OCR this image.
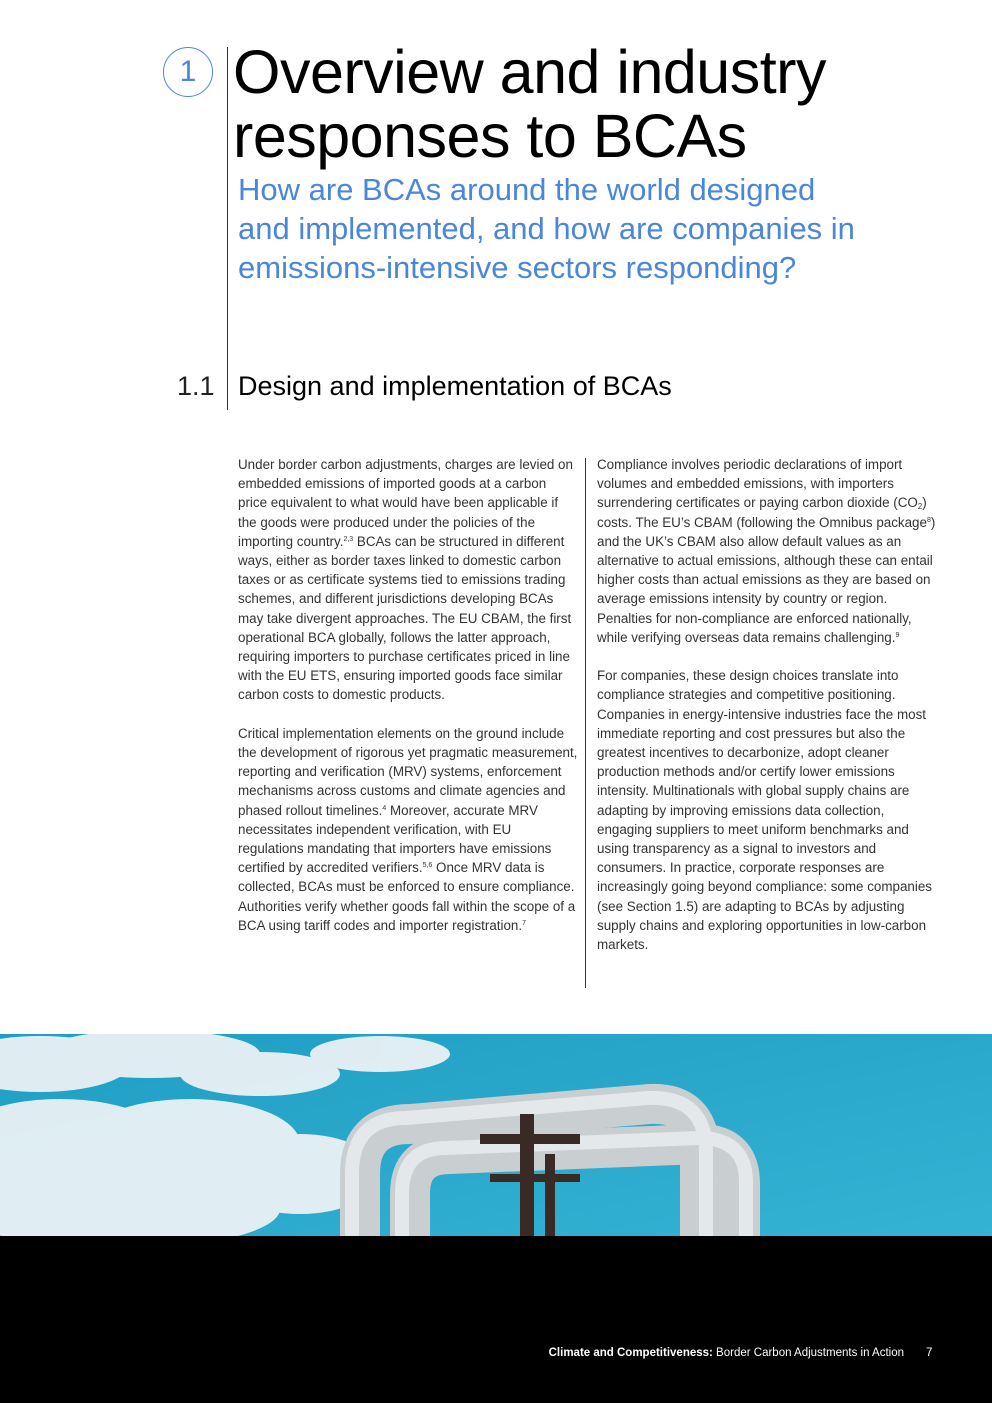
1 Overview and industry
responses to BCAs

How are BCAs around the world designed and implemented, and how are companies in emissions-intensive sectors responding?

1.1 Design and implementation of BCAs

Under border carbon adjustments, charges are levied on embedded emissions of imported goods at a carbon price equivalent to what would have been applicable if the goods were produced under the policies of the importing country.$^{2,3}$ BCAs can be structured in different ways, either as border taxes linked to domestic carbon taxes or as certificate systems tied to emissions trading schemes, and different jurisdictions developing BCAs may take divergent approaches. The EU CBAM, the first operational BCA globally, follows the latter approach, requiring importers to purchase certificates priced in line with the EU ETS, ensuring imported goods face similar carbon costs to domestic products.

Critical implementation elements on the ground include the development of rigorous yet pragmatic measurement, reporting and verification (MRV) systems, enforcement mechanisms across customs and climate agencies and phased rollout timelines.$^4$ Moreover, accurate MRV necessitates independent verification, with EU regulations mandating that importers have emissions certified by accredited verifiers.$^{5,6}$ Once MRV data is collected, BCAs must be enforced to ensure compliance. Authorities verify whether goods fall within the scope of a BCA using tariff codes and importer registration.$^7$

Compliance involves periodic declarations of import volumes and embedded emissions, with importers surrendering certificates or paying carbon dioxide $(CO_2)$ costs. The EU’s CBAM (following the Omnibus package$^8$) and the UK’s CBAM also allow default values as an alternative to actual emissions, although these can entail higher costs than actual emissions as they are based on average emissions intensity by country or region. Penalties for non-compliance are enforced nationally, while verifying overseas data remains challenging.$^9$

For companies, these design choices translate into compliance strategies and competitive positioning. Companies in energy-intensive industries face the most immediate reporting and cost pressures but also the greatest incentives to decarbonize, adopt cleaner production methods and/or certify lower emissions intensity. Multinationals with global supply chains are adapting by improving emissions data collection, engaging suppliers to meet uniform benchmarks and using transparency as a signal to investors and consumers. In practice, corporate responses are increasingly going beyond compliance: some companies (see Section 1.5) are adapting to BCAs by adjusting supply chains and exploring opportunities in low-carbon markets.

Climate and Competitiveness: Border Carbon Adjustments in Action 7
